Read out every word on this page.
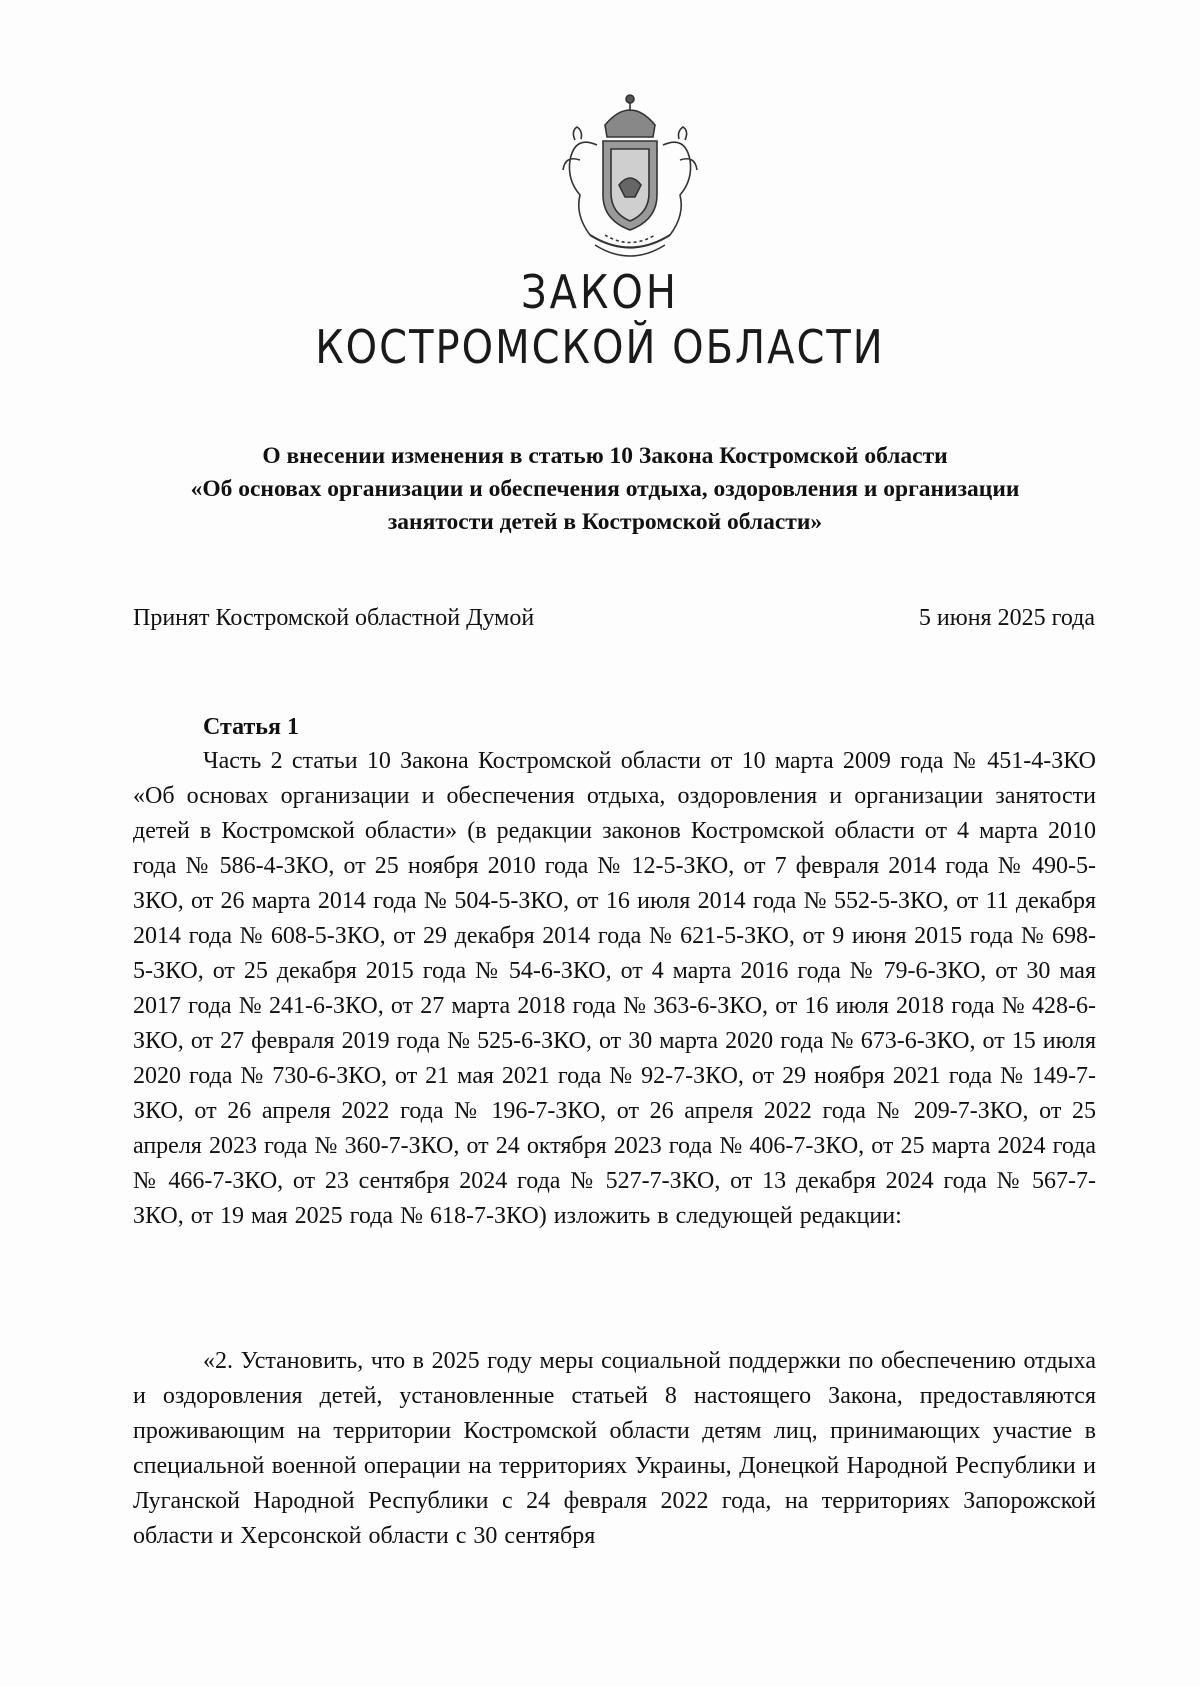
ЗАКОН
КОСТРОМСКОЙ ОБЛАСТИ
О внесении изменения в статью 10 Закона Костромской области
«Об основах организации и обеспечения отдыха, оздоровления и организации
занятости детей в Костромской области»
Принят Костромской областной Думой	5 июня 2025 года
Статья 1
Часть 2 статьи 10 Закона Костромской области от 10 марта 2009 года № 451-4-ЗКО «Об основах организации и обеспечения отдыха, оздоровления и организации занятости детей в Костромской области» (в редакции законов Костромской области от 4 марта 2010 года № 586-4-ЗКО, от 25 ноября 2010 года № 12-5-ЗКО, от 7 февраля 2014 года № 490-5-ЗКО, от 26 марта 2014 года № 504-5-ЗКО, от 16 июля 2014 года № 552-5-ЗКО, от 11 декабря 2014 года № 608-5-ЗКО, от 29 декабря 2014 года № 621-5-ЗКО, от 9 июня 2015 года № 698-5-ЗКО, от 25 декабря 2015 года № 54-6-ЗКО, от 4 марта 2016 года № 79-6-ЗКО, от 30 мая 2017 года № 241-6-ЗКО, от 27 марта 2018 года № 363-6-ЗКО, от 16 июля 2018 года № 428-6-ЗКО, от 27 февраля 2019 года № 525-6-ЗКО, от 30 марта 2020 года № 673-6-ЗКО, от 15 июля 2020 года № 730-6-ЗКО, от 21 мая 2021 года № 92-7-ЗКО, от 29 ноября 2021 года № 149-7-ЗКО, от 26 апреля 2022 года № 196-7-ЗКО, от 26 апреля 2022 года № 209-7-ЗКО, от 25 апреля 2023 года № 360-7-ЗКО, от 24 октября 2023 года № 406-7-ЗКО, от 25 марта 2024 года № 466-7-ЗКО, от 23 сентября 2024 года № 527-7-ЗКО, от 13 декабря 2024 года № 567-7-ЗКО, от 19 мая 2025 года № 618-7-ЗКО) изложить в следующей редакции:
«2. Установить, что в 2025 году меры социальной поддержки по обеспечению отдыха и оздоровления детей, установленные статьей 8 настоящего Закона, предоставляются проживающим на территории Костромской области детям лиц, принимающих участие в специальной военной операции на территориях Украины, Донецкой Народной Республики и Луганской Народной Республики с 24 февраля 2022 года, на территориях Запорожской области и Херсонской области с 30 сентября
